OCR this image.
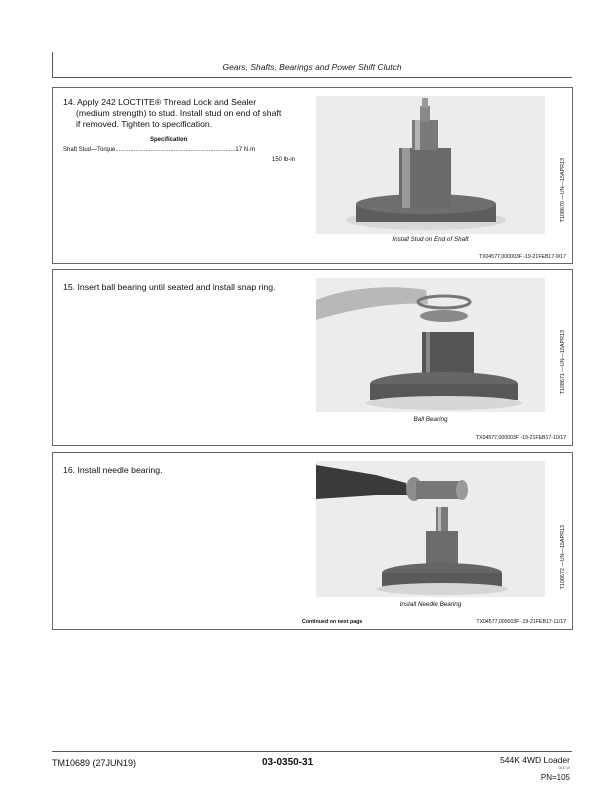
Gears, Shafts, Bearings and Power Shift Clutch
14. Apply 242 LOCTITE® Thread Lock and Sealer
(medium strength) to stud. Install stud on end of shaft
if removed. Tighten to specification.
Specification
Shaft Stud—Torque........................................................................17 N·m
150 lb-in
Install Stud on End of Shaft
T108670 —UN—15APR13
TX04577,000003F -19-21FEB17-9/17
15. Insert ball bearing until seated and install snap ring.
Ball Bearing
T108671 —UN—15APR13
TX04577,000003F -19-21FEB17-10/17
16. Install needle bearing.
Install Needle Bearing
T108672 —UN—15APR13
Continued on next page	TX04577,000003F -19-21FEB17-11/17
TM10689 (27JUN19)	03-0350-31	544K 4WD Loader
062719
PN=105
